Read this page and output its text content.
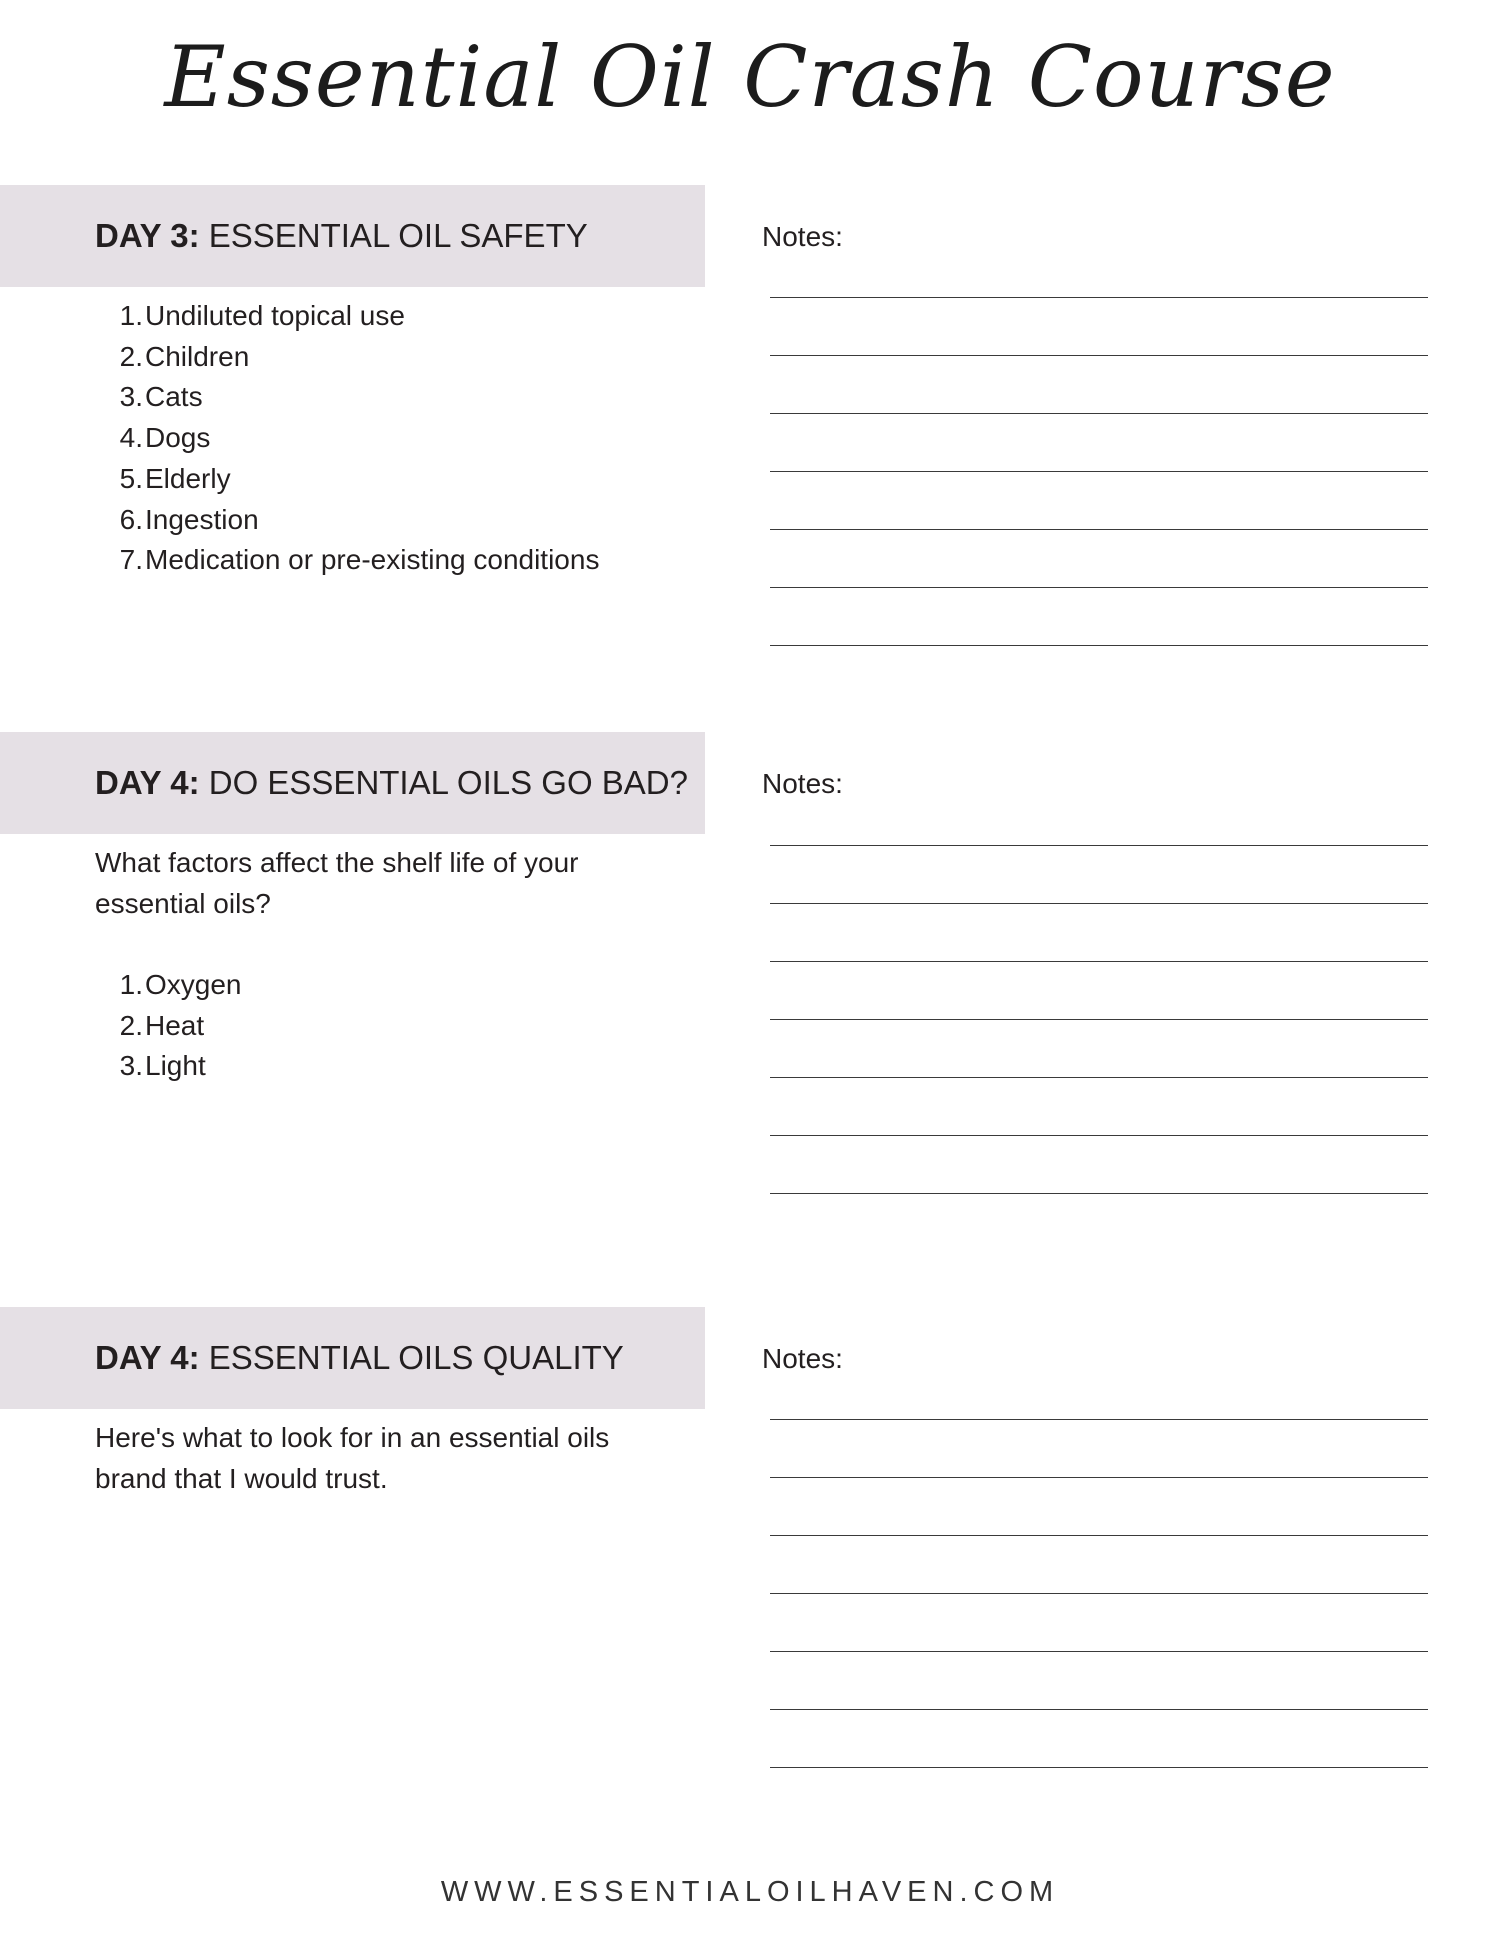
Essential Oil Crash Course
DAY 3: ESSENTIAL OIL SAFETY	Notes:
1. Undiluted topical use
2. Children
3. Cats
4. Dogs
5. Elderly
6. Ingestion
7. Medication or pre-existing conditions
DAY 4: DO ESSENTIAL OILS GO BAD?	Notes:

What factors affect the shelf life of your essential oils?

1. Oxygen
2. Heat
3. Light
DAY 4: ESSENTIAL OILS QUALITY	Notes:

Here's what to look for in an essential oils brand that I would trust.

WWW.ESSENTIALOILHAVEN.COM
